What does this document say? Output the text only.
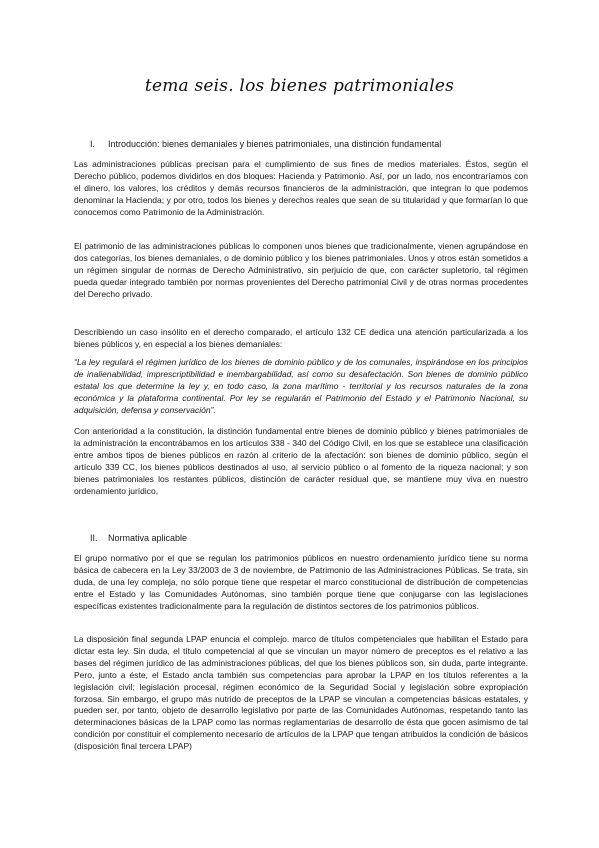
tema seis. los bienes patrimoniales
I. Introducción: bienes demaniales y bienes patrimoniales, una distinción fundamental

Las administraciones públicas precisan para el cumplimiento de sus fines de medios materiales. Éstos, según el Derecho público, podemos dividirlos en dos bloques: Hacienda y Patrimonio. Así, por un lado, nos encontraríamos con el dinero, los valores, los créditos y demás recursos financieros de la administración, que integran lo que podemos denominar la Hacienda; y por otro, todos los bienes y derechos reales que sean de su titularidad y que formarían lo que conocemos como Patrimonio de la Administración.

El patrimonio de las administraciones públicas lo componen unos bienes que tradicionalmente, vienen agrupándose en dos categorías, los bienes demaniales, o de dominio público y los bienes patrimoniales. Unos y otros están sometidos a un régimen singular de normas de Derecho Administrativo, sin perjuicio de que, con carácter supletorio, tal régimen pueda quedar integrado también por normas provenientes del Derecho patrimonial Civil y de otras normas procedentes del Derecho privado.

Describiendo un caso insólito en el derecho comparado, el artículo 132 CE dedica una atención particularizada a los bienes públicos y, en especial a los bienes demaniales:

“La ley regulará el régimen jurídico de los bienes de dominio público y de los comunales, inspirándose en los principios de inalienabilidad, imprescriptibilidad e inembargabilidad, así como su desafectación. Son bienes de dominio público estatal los que determine la ley y, en todo caso, la zona marítimo - territorial y los recursos naturales de la zona económica y la plataforma continental. Por ley se regularán el Patrimonio del Estado y el Patrimonio Nacional, su adquisición, defensa y conservación”.

Con anterioridad a la constitución, la distinción fundamental entre bienes de dominio público y bienes patrimoniales de la administración la encontrábamos en los artículos 338 - 340 del Código Civil, en los que se establece una clasificación entre ambos tipos de bienes públicos en razón al criterio de la afectación: son bienes de dominio público, según el artículo 339 CC, los bienes públicos destinados al uso, al servicio público o al fomento de la riqueza nacional; y son bienes patrimoniales los restantes públicos, distinción de carácter residual que, se mantiene muy viva en nuestro ordenamiento jurídico,

II. Normativa aplicable

El grupo normativo por el que se regulan los patrimonios públicos en nuestro ordenamiento jurídico tiene su norma básica de cabecera en la Ley 33/2003 de 3 de noviembre, de Patrimonio de las Administraciones Públicas. Se trata, sin duda, de una ley compleja, no sólo porque tiene que respetar el marco constitucional de distribución de competencias entre el Estado y las Comunidades Autónomas, sino también porque tiene que conjugarse con las legislaciones específicas existentes tradicionalmente para la regulación de distintos sectores de los patrimonios públicos.

La disposición final segunda LPAP enuncia el complejo. marco de títulos competenciales que habilitan el Estado para dictar esta ley. Sin duda, el título competencial al que se vinculan un mayor número de preceptos es el relativo a las bases del régimen jurídico de las administraciones públicas, del que los bienes públicos son, sin duda, parte integrante. Pero, junto a éste, el Estado ancla también sus competencias para aprobar la LPAP en los títulos referentes a la legislación civil; legislación procesal, régimen económico de la Seguridad Social y legislación sobre expropiación forzosa. Sin embargo, el grupo más nutrido de preceptos de la LPAP se vinculan a competencias básicas estatales, y pueden ser, por tanto, objeto de desarrollo legislativo por parte de las Comunidades Autónomas, respetando tanto las determinaciones básicas de la LPAP como las normas reglamentarias de desarrollo de ésta que gocen asimismo de tal condición por constituir el complemento necesario de artículos de la LPAP que tengan atribuidos la condición de básicos (disposición final tercera LPAP)
